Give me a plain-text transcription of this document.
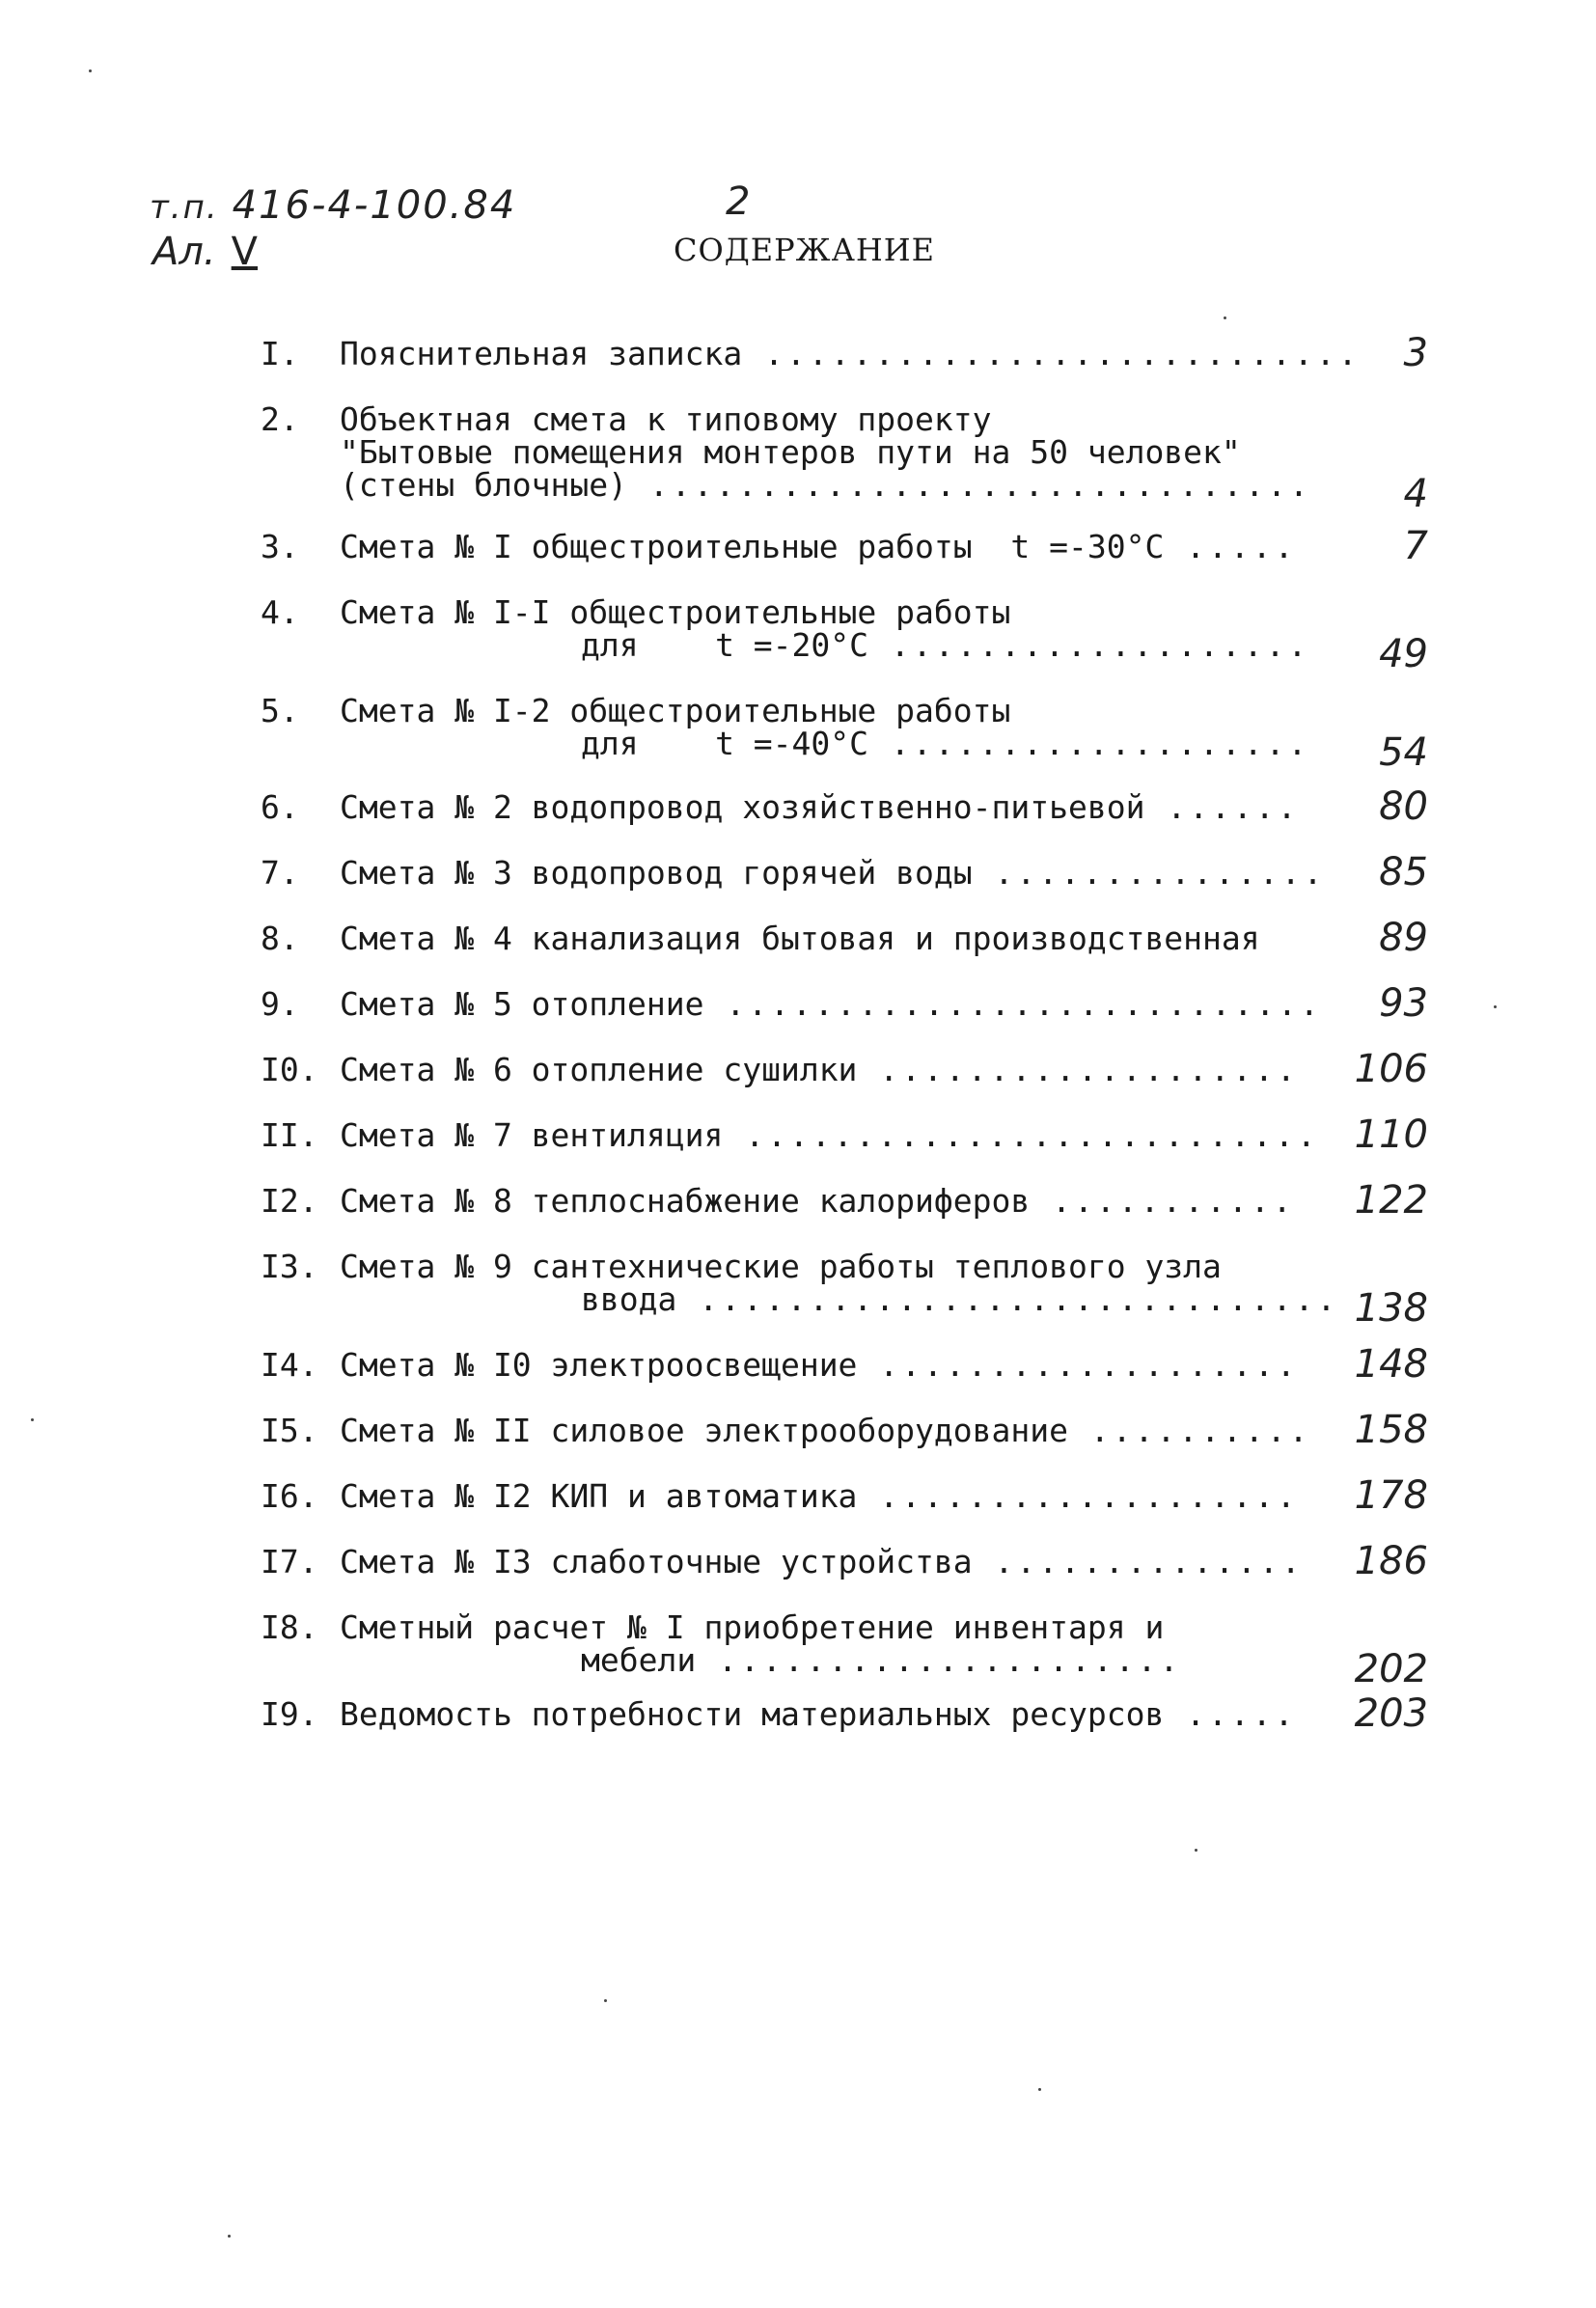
т.п. 416-4-100.84
Ал. V
2
СОДЕРЖАНИЕ
I.	Пояснительная записка ...........................	3
2.	Объектная смета к типовому проекту
"Бытовые помещения монтеров пути на 50 человек"
(стены блочные) ..............................	4
3.	Смета № I общестроительные работы  t =-30°С .....	7
4.	Смета № I-I общестроительные работы
для    t =-20°С ...................	49
5.	Смета № I-2 общестроительные работы
для    t =-40°С ...................	54
6.	Смета № 2 водопровод хозяйственно-питьевой ......	80
7.	Смета № 3 водопровод горячей воды ...............	85
8.	Смета № 4 канализация бытовая и производственная	89
9.	Смета № 5 отопление ...........................	93
I0. Смета № 6 отопление сушилки ...................	106
II. Смета № 7 вентиляция .......................... 110
I2. Смета № 8 теплоснабжение калориферов ...........	122
I3. Смета № 9 сантехнические работы теплового узла
ввода ............................. 138
I4. Смета № I0 электроосвещение ...................	148
I5. Смета № II силовое электрооборудование ..........	158
I6. Смета № I2 КИП и автоматика ...................	178
I7. Смета № I3 слаботочные устройства ..............	186
I8. Сметный расчет № I приобретение инвентаря и
мебели .....................	202
I9. Ведомость потребности материальных ресурсов .....	203
